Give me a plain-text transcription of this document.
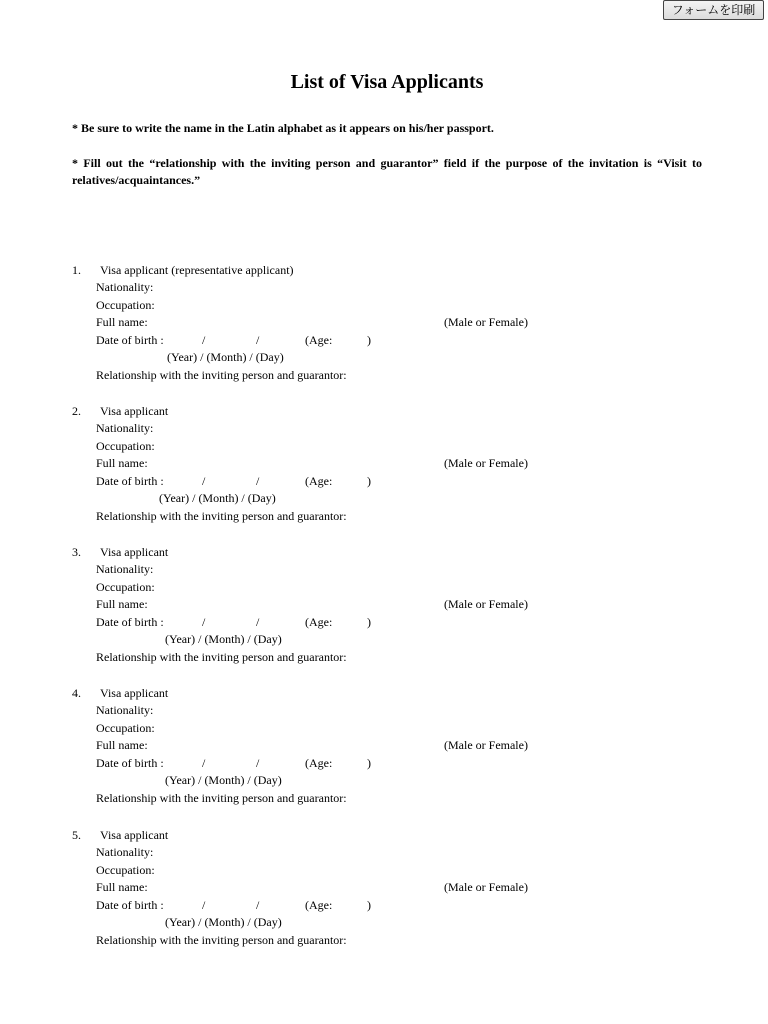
フォームを印刷
List of Visa Applicants

* Be sure to write the name in the Latin alphabet as it appears on his/her passport.

* Fill out the “relationship with the inviting person and guarantor” field if the purpose of the invitation is “Visit to relatives/acquaintances.”

1. Visa applicant (representative applicant)
Nationality:
Occupation:
Full name:	(Male or Female)
Date of birth :	/	/	(Age:	)
(Year) / (Month) / (Day)
Relationship with the inviting person and guarantor:
2. Visa applicant
Nationality:
Occupation:
Full name:	(Male or Female)
Date of birth :	/	/	(Age:	)
(Year) / (Month) / (Day)
Relationship with the inviting person and guarantor:
3. Visa applicant
Nationality:
Occupation:
Full name:	(Male or Female)
Date of birth :	/	/	(Age:	)
(Year) / (Month) / (Day)
Relationship with the inviting person and guarantor:
4. Visa applicant
Nationality:
Occupation:
Full name:	(Male or Female)
Date of birth :	/	/	(Age:	)
(Year) / (Month) / (Day)
Relationship with the inviting person and guarantor:
5. Visa applicant
Nationality:
Occupation:
Full name:	(Male or Female)
Date of birth :	/	/	(Age:	)
(Year) / (Month) / (Day)
Relationship with the inviting person and guarantor:
